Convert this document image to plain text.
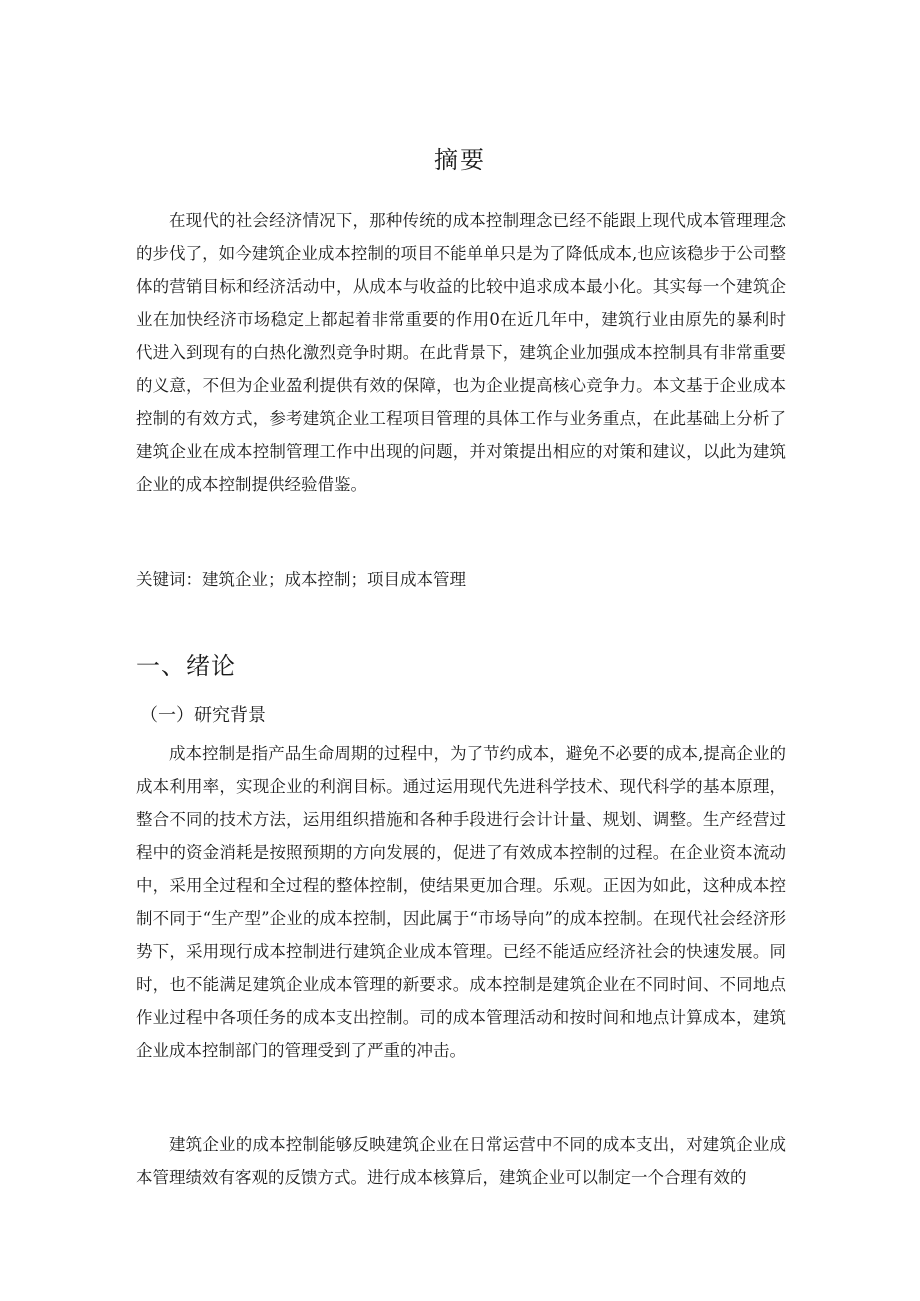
摘要

在现代的社会经济情况下，那种传统的成本控制理念已经不能跟上现代成本管理理念的步伐了，如今建筑企业成本控制的项目不能单单只是为了降低成本,也应该稳步于公司整体的营销目标和经济活动中，从成本与收益的比较中追求成本最小化。其实每一个建筑企业在加快经济市场稳定上都起着非常重要的作用0在近几年中，建筑行业由原先的暴利时代进入到现有的白热化激烈竞争时期。在此背景下，建筑企业加强成本控制具有非常重要的义意，不但为企业盈利提供有效的保障，也为企业提高核心竞争力。本文基于企业成本控制的有效方式，参考建筑企业工程项目管理的具体工作与业务重点，在此基础上分析了建筑企业在成本控制管理工作中出现的问题，并对策提出相应的对策和建议，以此为建筑企业的成本控制提供经验借鉴。

关键词：建筑企业；成本控制；项目成本管理
一、绪论
（一）研究背景

成本控制是指产品生命周期的过程中，为了节约成本，避免不必要的成本,提高企业的成本利用率，实现企业的利润目标。通过运用现代先进科学技术、现代科学的基本原理，整合不同的技术方法，运用组织措施和各种手段进行会计计量、规划、调整。生产经营过程中的资金消耗是按照预期的方向发展的，促进了有效成本控制的过程。在企业资本流动中，采用全过程和全过程的整体控制，使结果更加合理。乐观。正因为如此，这种成本控制不同于“生产型”企业的成本控制，因此属于“市场导向”的成本控制。在现代社会经济形势下，采用现行成本控制进行建筑企业成本管理。已经不能适应经济社会的快速发展。同时，也不能满足建筑企业成本管理的新要求。成本控制是建筑企业在不同时间、不同地点作业过程中各项任务的成本支出控制。司的成本管理活动和按时间和地点计算成本，建筑企业成本控制部门的管理受到了严重的冲击。

建筑企业的成本控制能够反映建筑企业在日常运营中不同的成本支出，对建筑企业成本管理绩效有客观的反馈方式。进行成本核算后，建筑企业可以制定一个合理有效的
